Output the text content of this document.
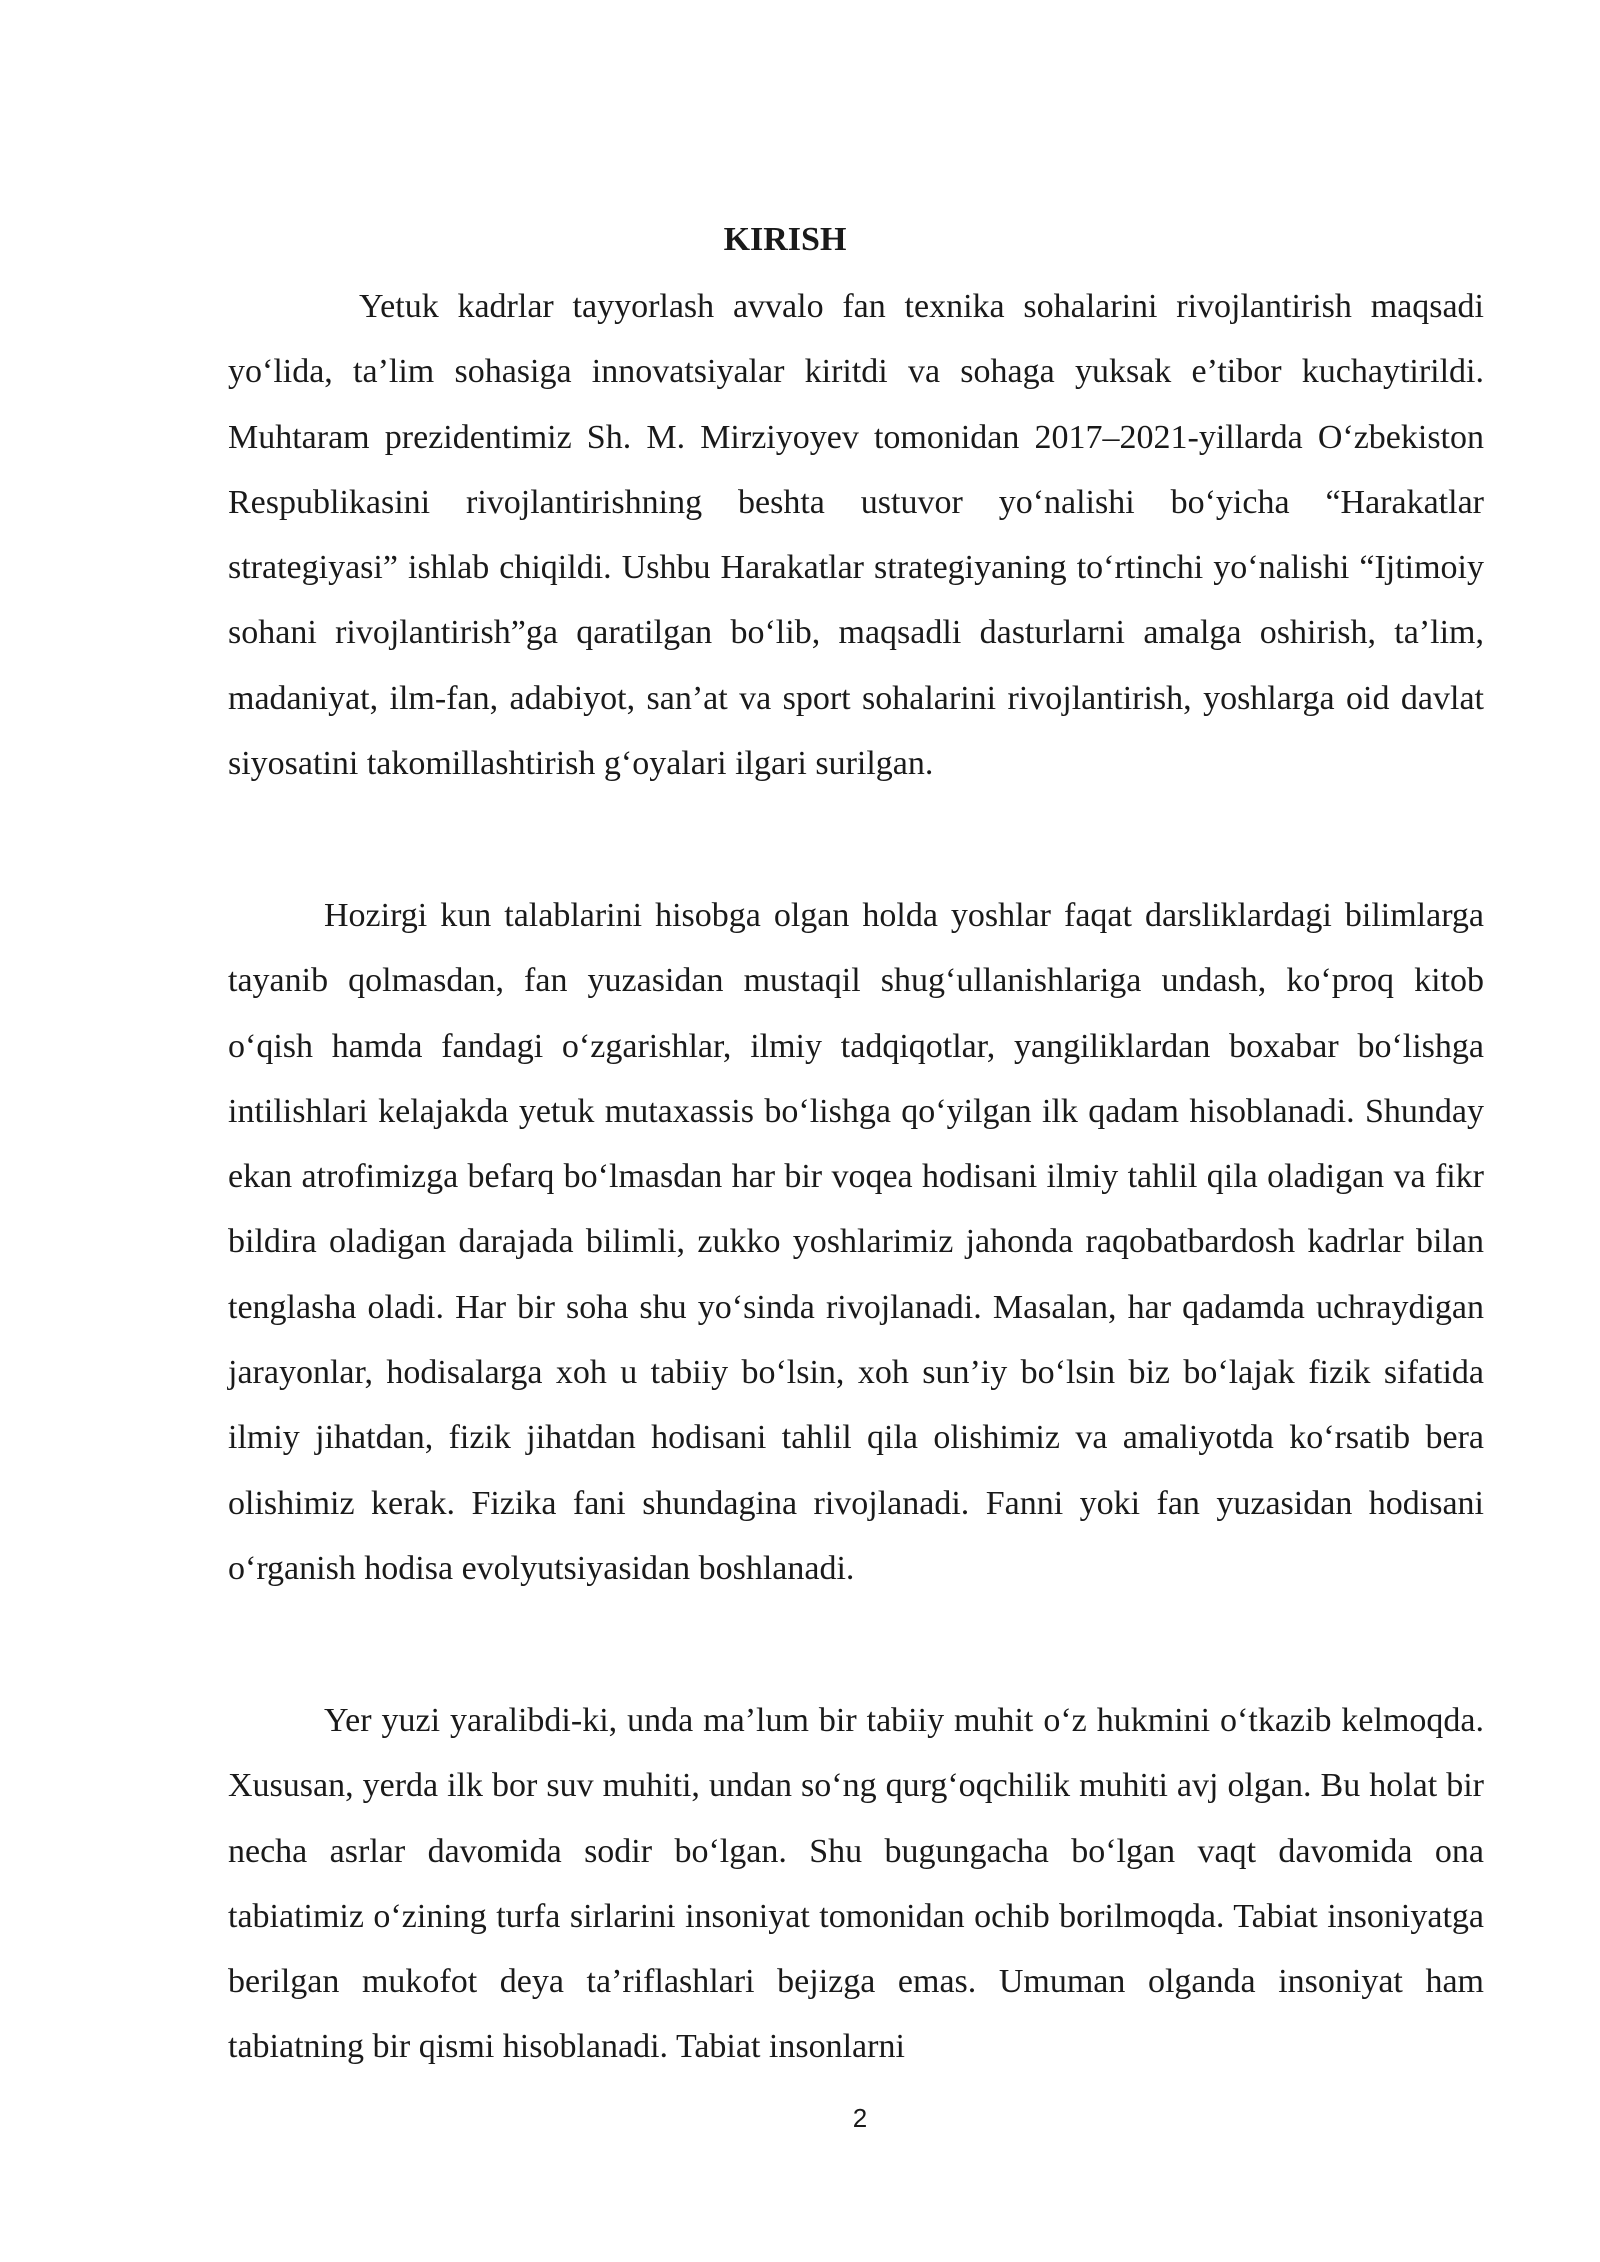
KIRISH

Yetuk kadrlar tayyorlash avvalo fan texnika sohalarini rivojlantirish maqsadi yo‘lida, ta’lim sohasiga innovatsiyalar kiritdi va sohaga yuksak e’tibor kuchaytirildi. Muhtaram prezidentimiz Sh. M. Mirziyoyev tomonidan 2017–2021-yillarda O‘zbekiston Respublikasini rivojlantirishning beshta ustuvor yo‘nalishi bo‘yicha “Harakatlar strategiyasi” ishlab chiqildi. Ushbu Harakatlar strategiyaning to‘rtinchi yo‘nalishi “Ijtimoiy sohani rivojlantirish”ga qaratilgan bo‘lib, maqsadli dasturlarni amalga oshirish, ta’lim, madaniyat, ilm-fan, adabiyot, san’at va sport sohalarini rivojlantirish, yoshlarga oid davlat siyosatini takomillashtirish g‘oyalari ilgari surilgan.

Hozirgi kun talablarini hisobga olgan holda yoshlar faqat darsliklardagi bilimlarga tayanib qolmasdan, fan yuzasidan mustaqil shug‘ullanishlariga undash, ko‘proq kitob o‘qish hamda fandagi o‘zgarishlar, ilmiy tadqiqotlar, yangiliklardan boxabar bo‘lishga intilishlari kelajakda yetuk mutaxassis bo‘lishga qo‘yilgan ilk qadam hisoblanadi. Shunday ekan atrofimizga befarq bo‘lmasdan har bir voqea hodisani ilmiy tahlil qila oladigan va fikr bildira oladigan darajada bilimli, zukko yoshlarimiz jahonda raqobatbardosh kadrlar bilan tenglasha oladi. Har bir soha shu yo‘sinda rivojlanadi. Masalan, har qadamda uchraydigan jarayonlar, hodisalarga xoh u tabiiy bo‘lsin, xoh sun’iy bo‘lsin biz bo‘lajak fizik sifatida ilmiy jihatdan, fizik jihatdan hodisani tahlil qila olishimiz va amaliyotda ko‘rsatib bera olishimiz kerak. Fizika fani shundagina rivojlanadi. Fanni yoki fan yuzasidan hodisani o‘rganish hodisa evolyutsiyasidan boshlanadi.

Yer yuzi yaralibdi-ki, unda ma’lum bir tabiiy muhit o‘z hukmini o‘tkazib kelmoqda. Xususan, yerda ilk bor suv muhiti, undan so‘ng qurg‘oqchilik muhiti avj olgan. Bu holat bir necha asrlar davomida sodir bo‘lgan. Shu bugungacha bo‘lgan vaqt davomida ona tabiatimiz o‘zining turfa sirlarini insoniyat tomonidan ochib borilmoqda. Tabiat insoniyatga berilgan mukofot deya ta’riflashlari bejizga emas. Umuman olganda insoniyat ham tabiatning bir qismi hisoblanadi. Tabiat insonlarni

2
